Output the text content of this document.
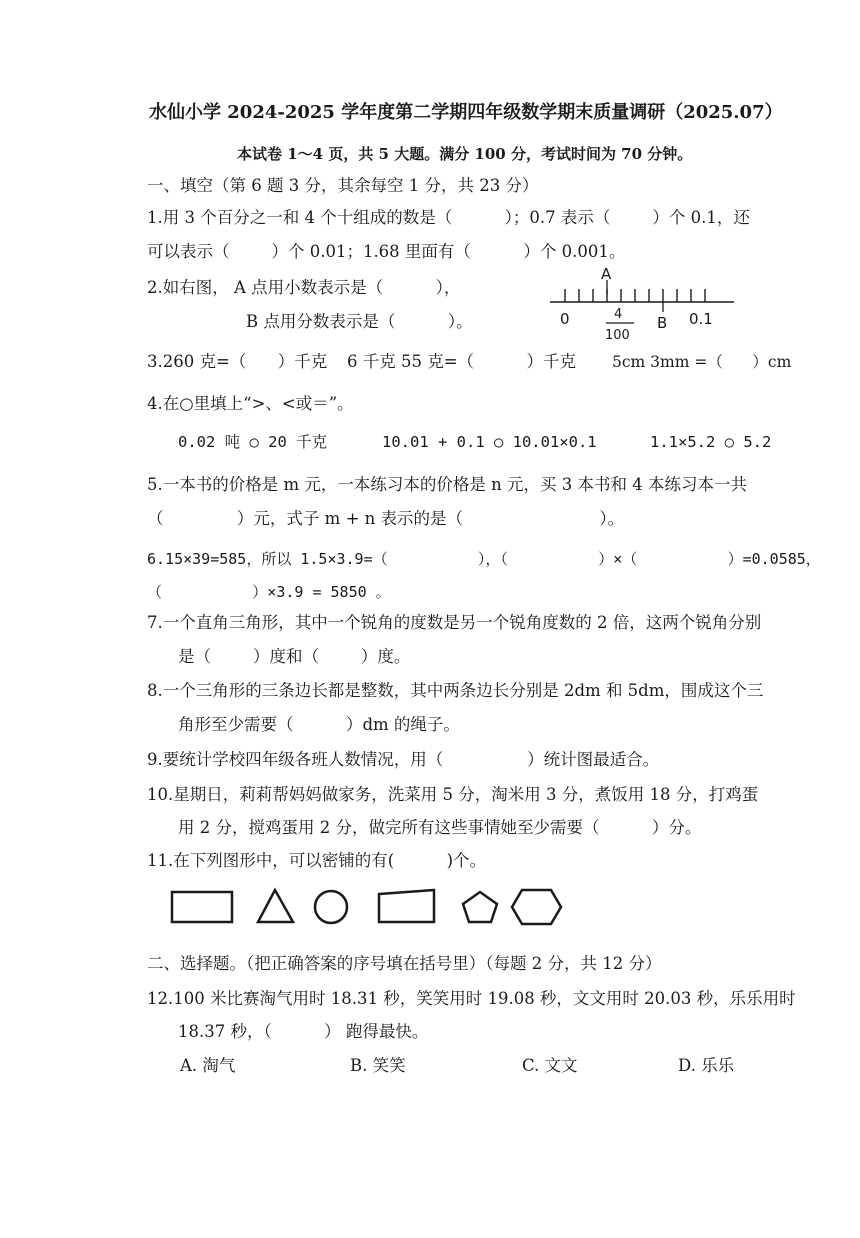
水仙小学 2024-2025 学年度第二学期四年级数学期末质量调研（2025.07）
本试卷 1～4 页，共 5 大题。满分 100 分，考试时间为 70 分钟。
一、填空（第 6 题 3 分，其余每空 1 分，共 23 分）
1.用 3 个百分之一和 4 个十组成的数是（          ）；0.7 表示（        ）个 0.1，还
可以表示（        ）个 0.01；1.68 里面有（          ）个 0.001。
2.如右图， A 点用小数表示是（          ），
B 点用分数表示是（          ）。
A
0	4
100
B 0.1
3.260 克=（      ）千克 6 千克 55 克=（          ）千克 5cm 3mm =（      ）cm
4.在○里填上“>、<或＝”。
0.02 吨 ○ 20 千克	10.01 + 0.1 ○ 10.01×0.1	1.1×5.2 ○ 5.2
5.一本书的价格是 m 元，一本练习本的价格是 n 元，买 3 本书和 4 本练习本一共
（              ）元，式子 m + n 表示的是（                          ）。
6.15×39=585，所以 1.5×3.9=（          ），（          ）×（          ）=0.0585，
（          ）×3.9 = 5850 。
7.一个直角三角形，其中一个锐角的度数是另一个锐角度数的 2 倍，这两个锐角分别
是（        ）度和（        ）度。
8.一个三角形的三条边长都是整数，其中两条边长分别是 2dm 和 5dm，围成这个三
角形至少需要（          ）dm 的绳子。
9.要统计学校四年级各班人数情况，用（                ）统计图最适合。
10.星期日，莉莉帮妈妈做家务，洗菜用 5 分，淘米用 3 分，煮饭用 18 分，打鸡蛋
用 2 分，搅鸡蛋用 2 分，做完所有这些事情她至少需要（          ）分。
11.在下列图形中，可以密铺的有(          )个。
二、选择题。（把正确答案的序号填在括号里）（每题 2 分，共 12 分）
12.100 米比赛淘气用时 18.31 秒，笑笑用时 19.08 秒，文文用时 20.03 秒，乐乐用时
18.37 秒，（          ） 跑得最快。
A. 淘气	B. 笑笑	C. 文文	D. 乐乐
